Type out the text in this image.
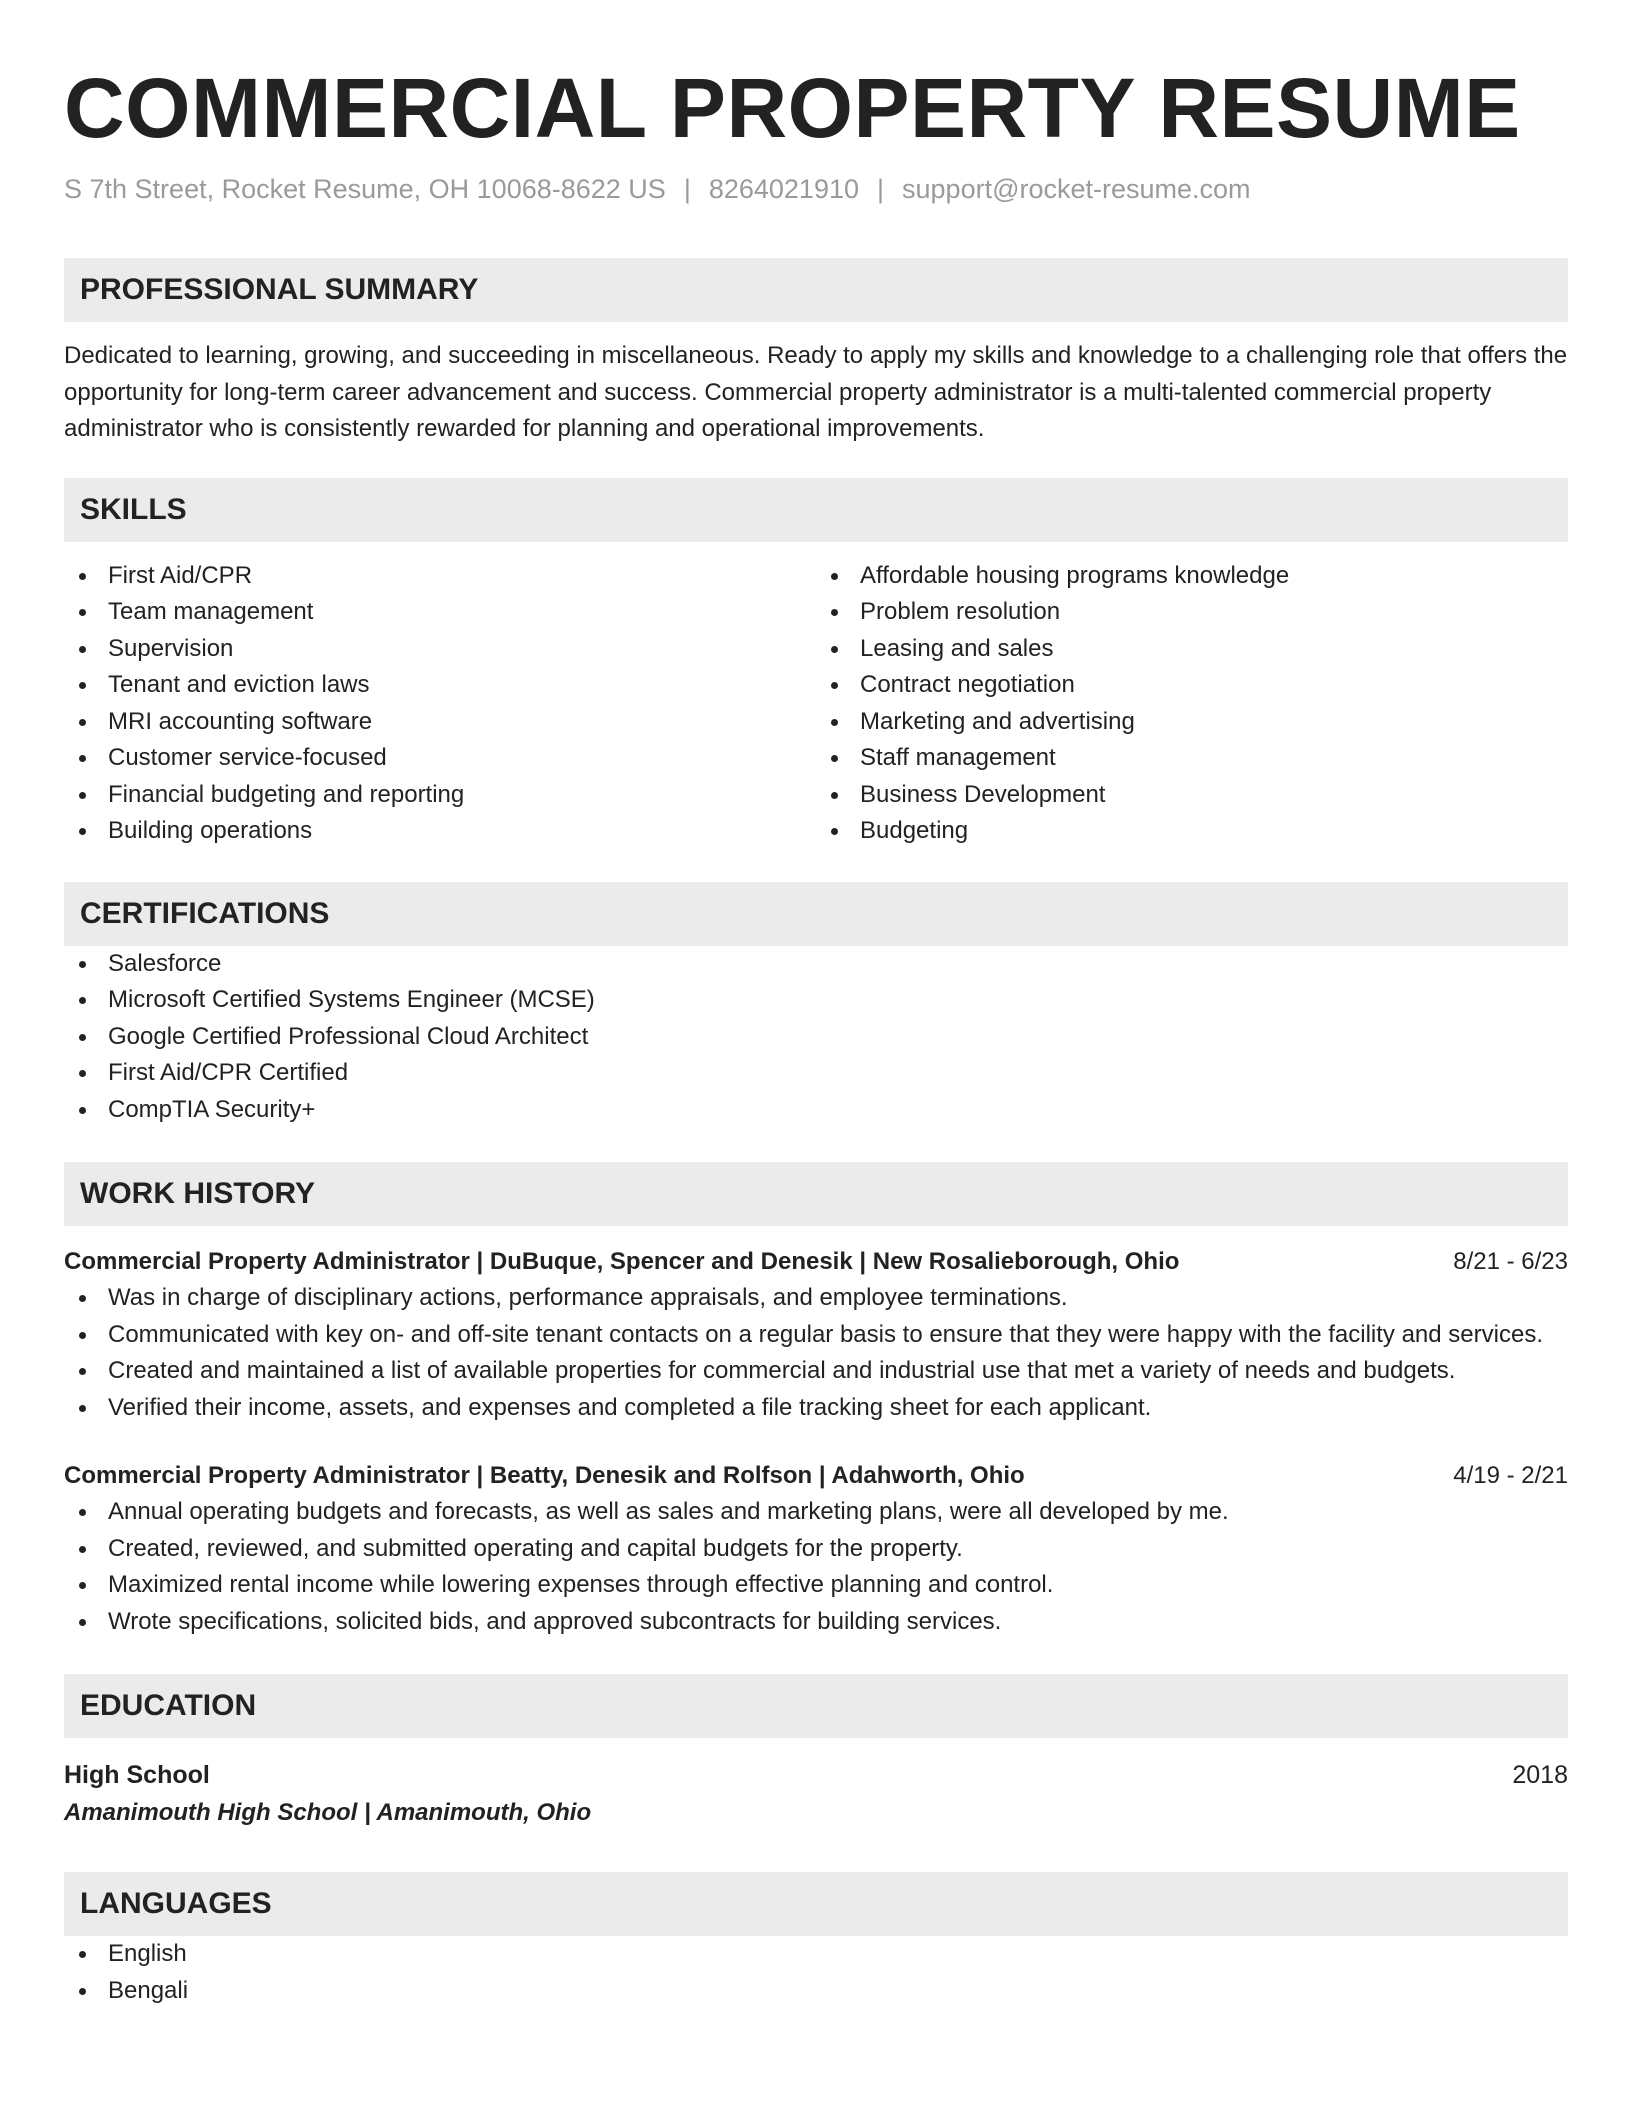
COMMERCIAL PROPERTY RESUME
S 7th Street, Rocket Resume, OH 10068-8622 US | 8264021910 | support@rocket-resume.com
PROFESSIONAL SUMMARY
Dedicated to learning, growing, and succeeding in miscellaneous. Ready to apply my skills and knowledge to a challenging role that offers the opportunity for long-term career advancement and success. Commercial property administrator is a multi-talented commercial property administrator who is consistently rewarded for planning and operational improvements.
SKILLS
First Aid/CPR
Team management
Supervision
Tenant and eviction laws
MRI accounting software
Customer service-focused
Financial budgeting and reporting
Building operations
Affordable housing programs knowledge
Problem resolution
Leasing and sales
Contract negotiation
Marketing and advertising
Staff management
Business Development
Budgeting
CERTIFICATIONS
Salesforce
Microsoft Certified Systems Engineer (MCSE)
Google Certified Professional Cloud Architect
First Aid/CPR Certified
CompTIA Security+
WORK HISTORY
Commercial Property Administrator | DuBuque, Spencer and Denesik | New Rosalieborough, Ohio	8/21 - 6/23
Was in charge of disciplinary actions, performance appraisals, and employee terminations.
Communicated with key on- and off-site tenant contacts on a regular basis to ensure that they were happy with the facility and services.
Created and maintained a list of available properties for commercial and industrial use that met a variety of needs and budgets.
Verified their income, assets, and expenses and completed a file tracking sheet for each applicant.
Commercial Property Administrator | Beatty, Denesik and Rolfson | Adahworth, Ohio	4/19 - 2/21
Annual operating budgets and forecasts, as well as sales and marketing plans, were all developed by me.
Created, reviewed, and submitted operating and capital budgets for the property.
Maximized rental income while lowering expenses through effective planning and control.
Wrote specifications, solicited bids, and approved subcontracts for building services.
EDUCATION
High School	2018
Amanimouth High School | Amanimouth, Ohio
LANGUAGES
English
Bengali
